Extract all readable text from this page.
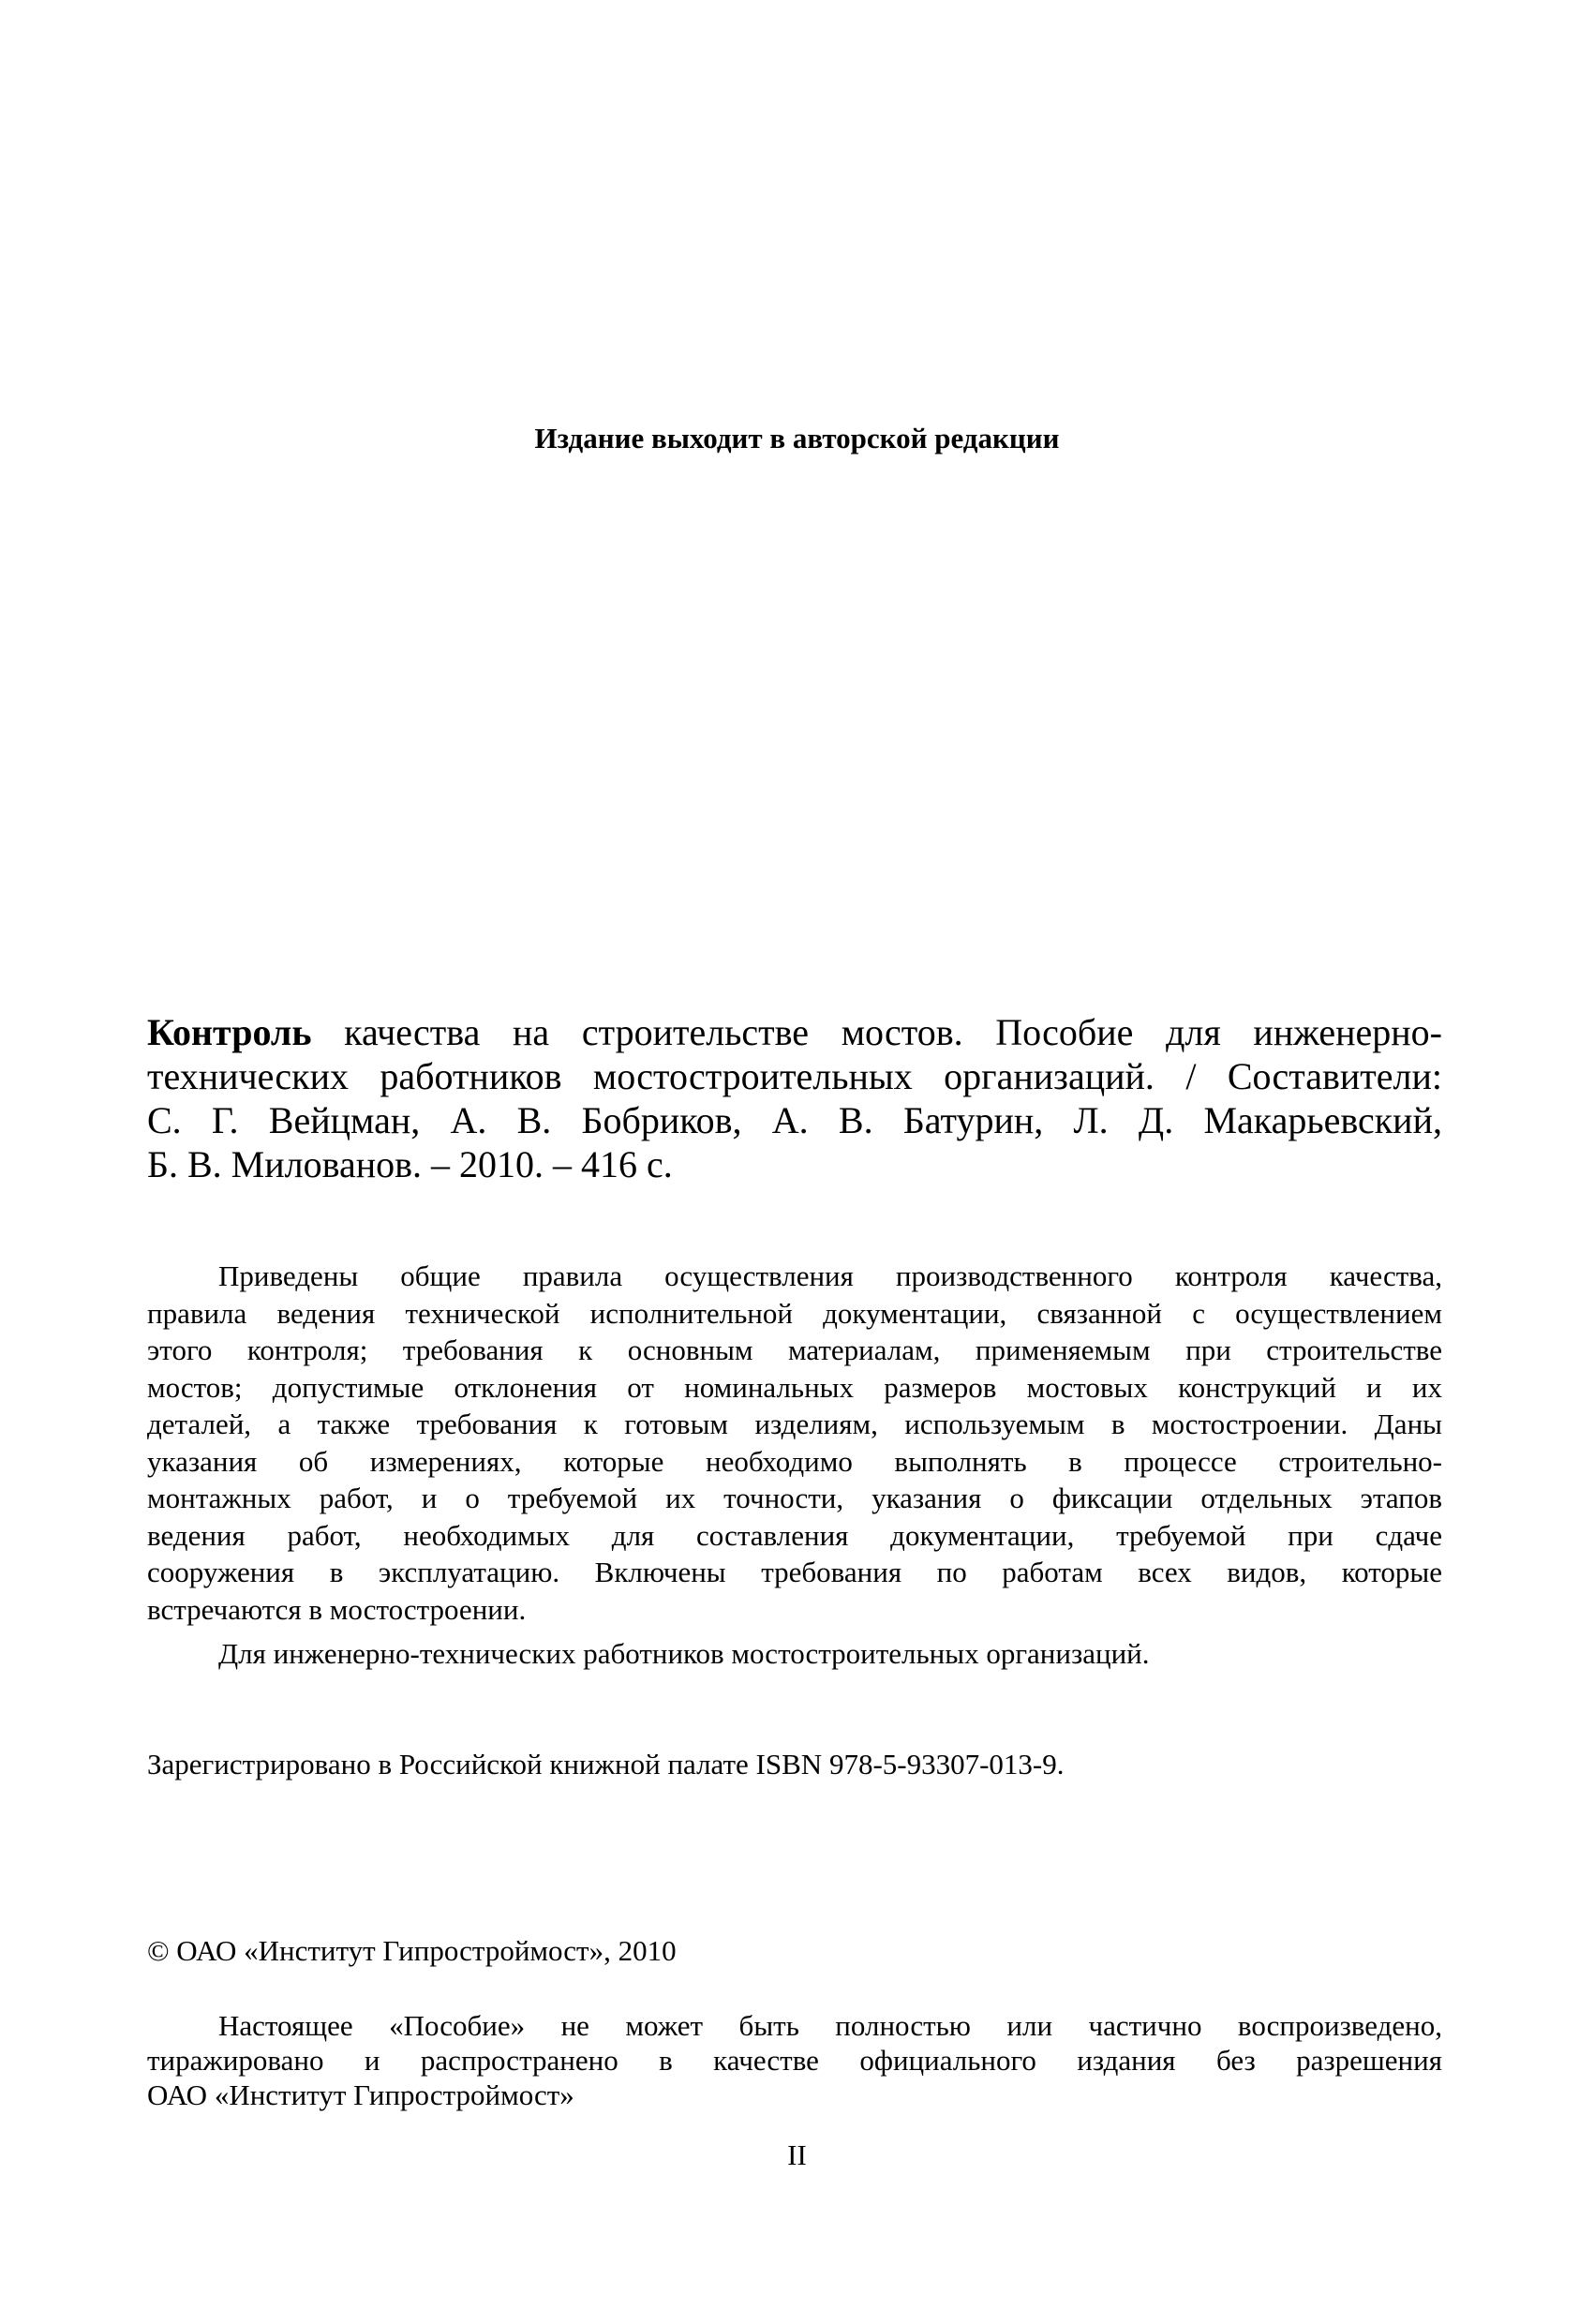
Издание выходит в авторской редакции
Контроль качества на строительстве мостов. Пособие для инженерно-
технических работников мостостроительных организаций. / Составители:
С. Г. Вейцман, А. В. Бобриков, А. В. Батурин, Л. Д. Макарьевский,
Б. В. Милованов. – 2010. – 416 с.
Приведены общие правила осуществления производственного контроля качества,
правила ведения технической исполнительной документации, связанной с осуществлением
этого контроля; требования к основным материалам, применяемым при строительстве
мостов; допустимые отклонения от номинальных размеров мостовых конструкций и их
деталей, а также требования к готовым изделиям, используемым в мостостроении. Даны
указания об измерениях, которые необходимо выполнять в процессе строительно-
монтажных работ, и о требуемой их точности, указания о фиксации отдельных этапов
ведения работ, необходимых для составления документации, требуемой при сдаче
сооружения в эксплуатацию. Включены требования по работам всех видов, которые
встречаются в мостостроении.
Для инженерно-технических работников мостостроительных организаций.
Зарегистрировано в Российской книжной палате ISBN 978-5-93307-013-9.
© ОАО «Институт Гипростроймост», 2010
Настоящее «Пособие» не может быть полностью или частично воспроизведено,
тиражировано и распространено в качестве официального издания без разрешения
ОАО «Институт Гипростроймост»
II
